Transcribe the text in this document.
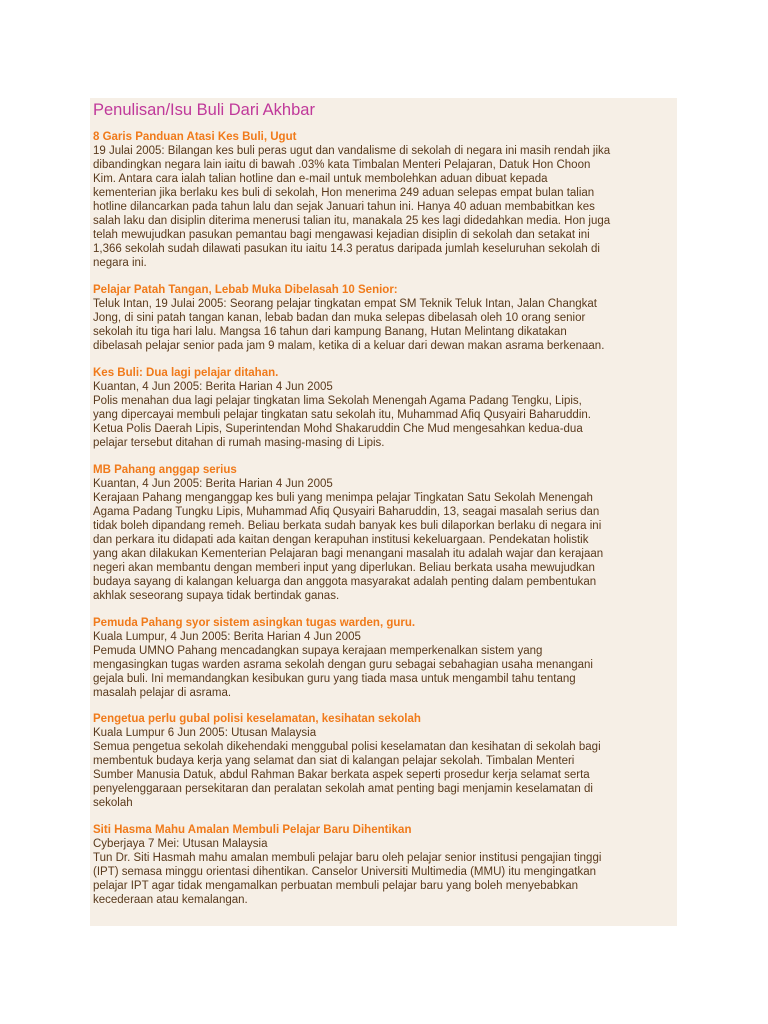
Penulisan/Isu Buli Dari Akhbar

8 Garis Panduan Atasi Kes Buli, Ugut

19 Julai 2005: Bilangan kes buli peras ugut dan vandalisme di sekolah di negara ini masih rendah jika
dibandingkan negara lain iaitu di bawah .03% kata Timbalan Menteri Pelajaran, Datuk Hon Choon
Kim. Antara cara ialah talian hotline dan e-mail untuk membolehkan aduan dibuat kepada
kementerian jika berlaku kes buli di sekolah, Hon menerima 249 aduan selepas empat bulan talian
hotline dilancarkan pada tahun lalu dan sejak Januari tahun ini. Hanya 40 aduan membabitkan kes
salah laku dan disiplin diterima menerusi talian itu, manakala 25 kes lagi didedahkan media. Hon juga
telah mewujudkan pasukan pemantau bagi mengawasi kejadian disiplin di sekolah dan setakat ini
1,366 sekolah sudah dilawati pasukan itu iaitu 14.3 peratus daripada jumlah keseluruhan sekolah di
negara ini.

Pelajar Patah Tangan, Lebab Muka Dibelasah 10 Senior:

Teluk Intan, 19 Julai 2005: Seorang pelajar tingkatan empat SM Teknik Teluk Intan, Jalan Changkat
Jong, di sini patah tangan kanan, lebab badan dan muka selepas dibelasah oleh 10 orang senior
sekolah itu tiga hari lalu. Mangsa 16 tahun dari kampung Banang, Hutan Melintang dikatakan
dibelasah pelajar senior pada jam 9 malam, ketika di a keluar dari dewan makan asrama berkenaan.

Kes Buli: Dua lagi pelajar ditahan.

Kuantan, 4 Jun 2005: Berita Harian 4 Jun 2005

Polis menahan dua lagi pelajar tingkatan lima Sekolah Menengah Agama Padang Tengku, Lipis,
yang dipercayai membuli pelajar tingkatan satu sekolah itu, Muhammad Afiq Qusyairi Baharuddin.
Ketua Polis Daerah Lipis, Superintendan Mohd Shakaruddin Che Mud mengesahkan kedua-dua
pelajar tersebut ditahan di rumah masing-masing di Lipis.

MB Pahang anggap serius

Kuantan, 4 Jun 2005: Berita Harian 4 Jun 2005

Kerajaan Pahang menganggap kes buli yang menimpa pelajar Tingkatan Satu Sekolah Menengah
Agama Padang Tungku Lipis, Muhammad Afiq Qusyairi Baharuddin, 13, seagai masalah serius dan
tidak boleh dipandang remeh. Beliau berkata sudah banyak kes buli dilaporkan berlaku di negara ini
dan perkara itu didapati ada kaitan dengan kerapuhan institusi kekeluargaan. Pendekatan holistik
yang akan dilakukan Kementerian Pelajaran bagi menangani masalah itu adalah wajar dan kerajaan
negeri akan membantu dengan memberi input yang diperlukan. Beliau berkata usaha mewujudkan
budaya sayang di kalangan keluarga dan anggota masyarakat adalah penting dalam pembentukan
akhlak seseorang supaya tidak bertindak ganas.

Pemuda Pahang syor sistem asingkan tugas warden, guru.

Kuala Lumpur, 4 Jun 2005: Berita Harian 4 Jun 2005

Pemuda UMNO Pahang mencadangkan supaya kerajaan memperkenalkan sistem yang
mengasingkan tugas warden asrama sekolah dengan guru sebagai sebahagian usaha menangani
gejala buli. Ini memandangkan kesibukan guru yang tiada masa untuk mengambil tahu tentang
masalah pelajar di asrama.

Pengetua perlu gubal polisi keselamatan, kesihatan sekolah

Kuala Lumpur 6 Jun 2005: Utusan Malaysia

Semua pengetua sekolah dikehendaki menggubal polisi keselamatan dan kesihatan di sekolah bagi
membentuk budaya kerja yang selamat dan siat di kalangan pelajar sekolah. Timbalan Menteri
Sumber Manusia Datuk, abdul Rahman Bakar berkata aspek seperti prosedur kerja selamat serta
penyelenggaraan persekitaran dan peralatan sekolah amat penting bagi menjamin keselamatan di
sekolah

Siti Hasma Mahu Amalan Membuli Pelajar Baru Dihentikan

Cyberjaya 7 Mei: Utusan Malaysia

Tun Dr. Siti Hasmah mahu amalan membuli pelajar baru oleh pelajar senior institusi pengajian tinggi
(IPT) semasa minggu orientasi dihentikan. Canselor Universiti Multimedia (MMU) itu mengingatkan
pelajar IPT agar tidak mengamalkan perbuatan membuli pelajar baru yang boleh menyebabkan
kecederaan atau kemalangan.
